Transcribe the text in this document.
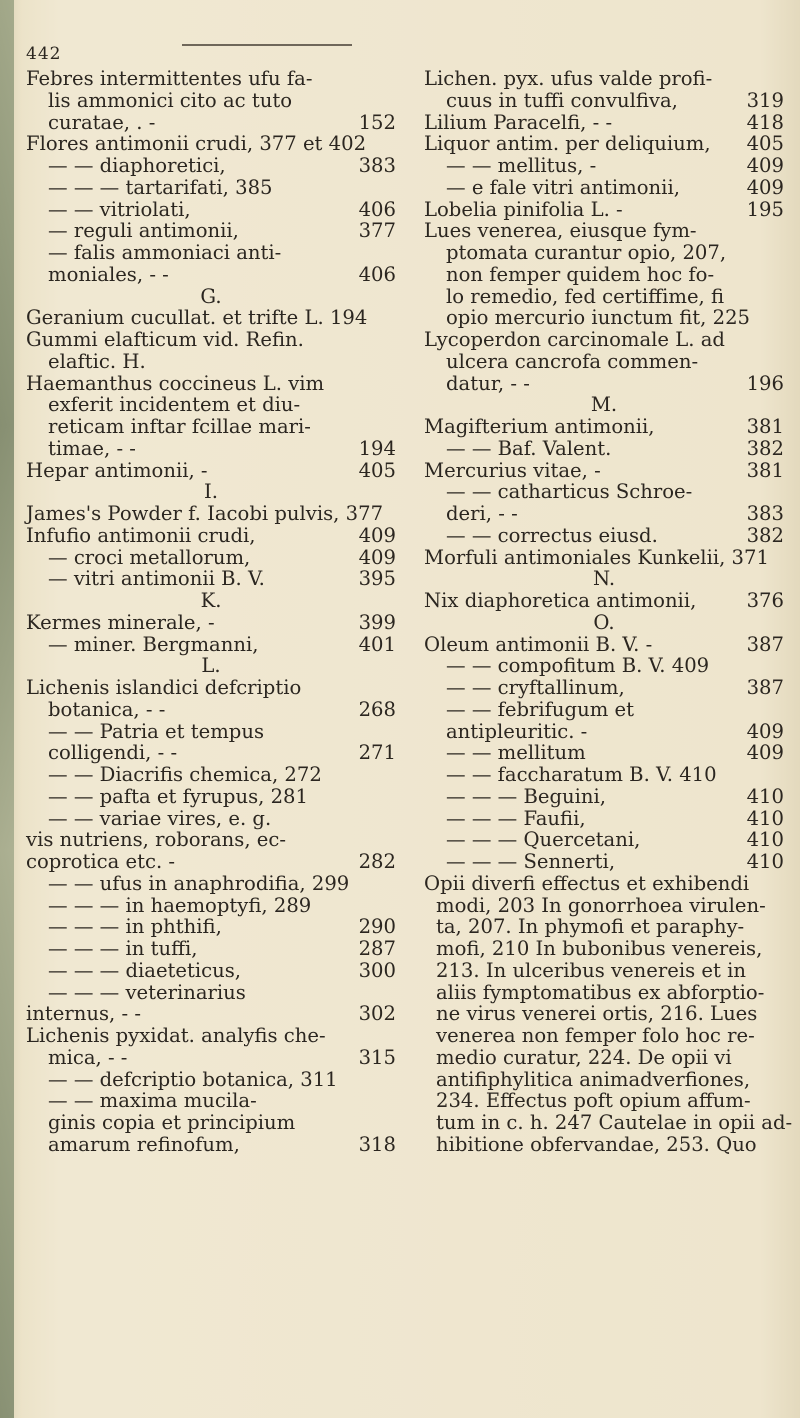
442
Febres intermittentes ufu fa-
lis ammonici cito ac tuto
152
curatae, . -
Flores antimonii crudi, 377 et 402
383
— — diaphoretici,
— — — tartarifati, 385
406
— — vitriolati,
377
— reguli antimonii,
— falis ammoniaci anti-
406
moniales, - -
G.
Geranium cucullat. et trifte L. 194
Gummi elafticum vid. Refin.
elaftic. H.
Haemanthus coccineus L. vim
exferit incidentem et diu-
reticam inftar fcillae mari-
194
timae, - -
405
Hepar antimonii, -
I.
James's Powder f. Iacobi pulvis, 377
409
Infufio antimonii crudi,
409
— croci metallorum,
395
— vitri antimonii B. V.
K.
399
Kermes minerale, -
401
— miner. Bergmanni,
L.
Lichenis islandici defcriptio
268
botanica, - -
— — Patria et tempus
271
colligendi, - -
— — Diacrifis chemica, 272
— — pafta et fyrupus, 281
— — variae vires, e. g.
vis nutriens, roborans, ec-
282
coprotica etc. -
— — ufus in anaphrodifia, 299
— — — in haemoptyfi, 289
290
— — — in phthifi,
287
— — — in tuffi,
300
— — — diaeteticus,
— — — veterinarius
302
internus, - -
Lichenis pyxidat. analyfis che-
315
mica, - -
— — defcriptio botanica, 311
— — maxima mucila-
ginis copia et principium
318
amarum refinofum,
Lichen. pyx. ufus valde profi-
319
cuus in tuffi convulfiva,
418
Lilium Paracelfi, - -
405
Liquor antim. per deliquium,
409
— — mellitus, -
409
— e fale vitri antimonii,
195
Lobelia pinifolia L. -
Lues venerea, eiusque fym-
ptomata curantur opio, 207,
non femper quidem hoc fo-
lo remedio, fed certiffime, fi
opio mercurio iunctum fit, 225
Lycoperdon carcinomale L. ad
ulcera cancrofa commen-
196
datur, - -
M.
381
Magifterium antimonii,
382
— — Baf. Valent.
381
Mercurius vitae, -
— — catharticus Schroe-
383
deri, - -
382
— — correctus eiusd.
Morfuli antimoniales Kunkelii, 371
N.
376
Nix diaphoretica antimonii,
O.
387
Oleum antimonii B. V. -
— — compofitum B. V. 409
387
— — cryftallinum,
— — febrifugum et
409
antipleuritic. -
409
— — mellitum
— — faccharatum B. V. 410
410
— — — Beguini,
410
— — — Faufii,
410
— — — Quercetani,
410
— — — Sennerti,
Opii diverfi effectus et exhibendi
modi, 203 In gonorrhoea virulen-
ta, 207. In phymofi et paraphy-
mofi, 210 In bubonibus venereis,
213. In ulceribus venereis et in
aliis fymptomatibus ex abforptio-
ne virus venerei ortis, 216. Lues
venerea non femper folo hoc re-
medio curatur, 224. De opii vi
antifiphylitica animadverfiones,
234. Effectus poft opium affum-
tum in c. h. 247 Cautelae in opii ad-
hibitione obfervandae, 253. Quo
